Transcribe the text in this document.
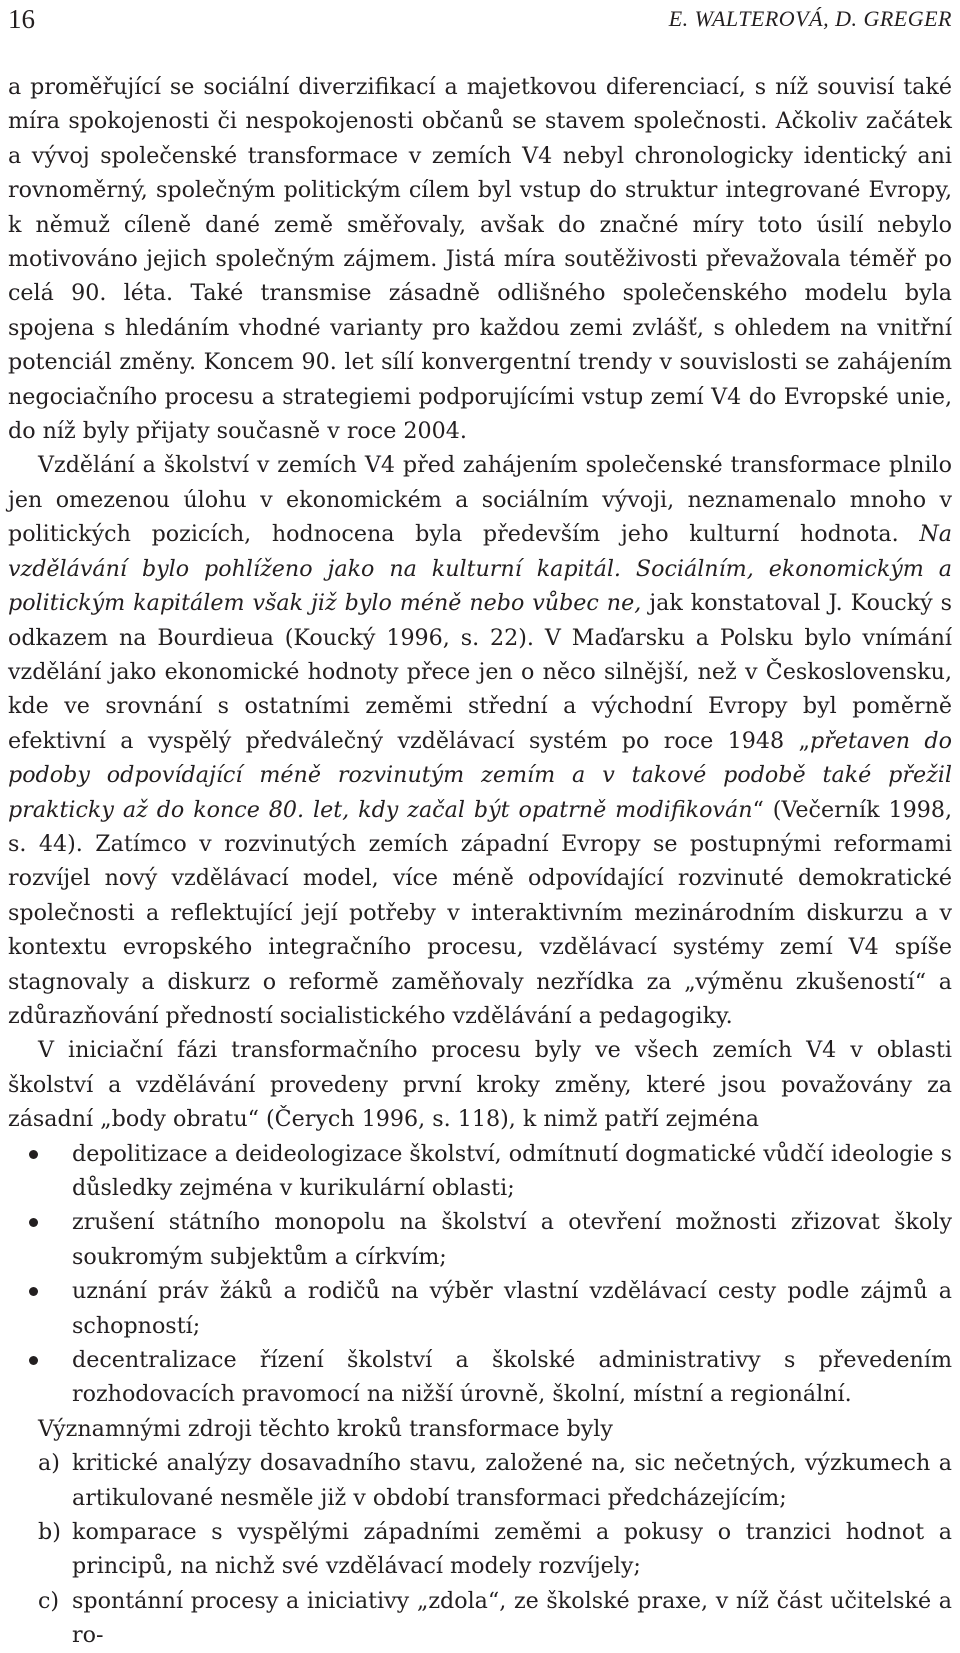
16	E. WALTEROVÁ, D. GREGER

a proměřující se sociální diverzifikací a majetkovou diferenciací, s níž souvisí také míra spokojenosti či nespokojenosti občanů se stavem společnosti. Ačkoliv začátek a vývoj společenské transformace v zemích V4 nebyl chronologicky identický ani rovnoměrný, společným politickým cílem byl vstup do struktur integrované Evropy, k němuž cíleně dané země směřovaly, avšak do značné míry toto úsilí nebylo motivováno jejich společným zájmem. Jistá míra soutěživosti převažovala téměř po celá 90. léta. Také transmise zásadně odlišného společenského modelu byla spojena s hledáním vhodné varianty pro každou zemi zvlášť, s ohledem na vnitřní potenciál změny. Koncem 90. let sílí konvergentní trendy v souvislosti se zahájením negociačního procesu a strategiemi podporujícími vstup zemí V4 do Evropské unie, do níž byly přijaty současně v roce 2004.

Vzdělání a školství v zemích V4 před zahájením společenské transformace plnilo jen omezenou úlohu v ekonomickém a sociálním vývoji, neznamenalo mnoho v politických pozicích, hodnocena byla především jeho kulturní hodnota. Na vzdělávání bylo pohlíženo jako na kulturní kapitál. Sociálním, ekonomickým a politickým kapitálem však již bylo méně nebo vůbec ne, jak konstatoval J. Koucký s odkazem na Bourdieua (Koucký 1996, s. 22). V Maďarsku a Polsku bylo vnímání vzdělání jako ekonomické hodnoty přece jen o něco silnější, než v Československu, kde ve srovnání s ostatními zeměmi střední a východní Evropy byl poměrně efektivní a vyspělý předválečný vzdělávací systém po roce 1948 „přetaven do podoby odpovídající méně rozvinutým zemím a v takové podobě také přežil prakticky až do konce 80. let, kdy začal být opatrně modifikován“ (Večerník 1998, s. 44). Zatímco v rozvinutých zemích západní Evropy se postupnými reformami rozvíjel nový vzdělávací model, více méně odpovídající rozvinuté demokratické společnosti a reflektující její potřeby v interaktivním mezinárodním diskurzu a v kontextu evropského integračního procesu, vzdělávací systémy zemí V4 spíše stagnovaly a diskurz o reformě zaměňovaly nezřídka za „výměnu zkušeností“ a zdůrazňování předností socialistického vzdělávání a pedagogiky.

V iniciační fázi transformačního procesu byly ve všech zemích V4 v oblasti školství a vzdělávání provedeny první kroky změny, které jsou považovány za zásadní „body obratu“ (Čerych 1996, s. 118), k nimž patří zejména

depolitizace a deideologizace školství, odmítnutí dogmatické vůdčí ideologie s důsledky zejména v kurikulární oblasti;
zrušení státního monopolu na školství a otevření možnosti zřizovat školy soukromým subjektům a církvím;
uznání práv žáků a rodičů na výběr vlastní vzdělávací cesty podle zájmů a schopností;
decentralizace řízení školství a školské administrativy s převedením rozhodovacích pravomocí na nižší úrovně, školní, místní a regionální.

Významnými zdroji těchto kroků transformace byly

a) kritické analýzy dosavadního stavu, založené na, sic nečetných, výzkumech a artikulované nesměle již v období transformaci předcházejícím;
b) komparace s vyspělými západními zeměmi a pokusy o tranzici hodnot a principů, na nichž své vzdělávací modely rozvíjely;
c) spontánní procesy a iniciativy „zdola“, ze školské praxe, v níž část učitelské a ro-
